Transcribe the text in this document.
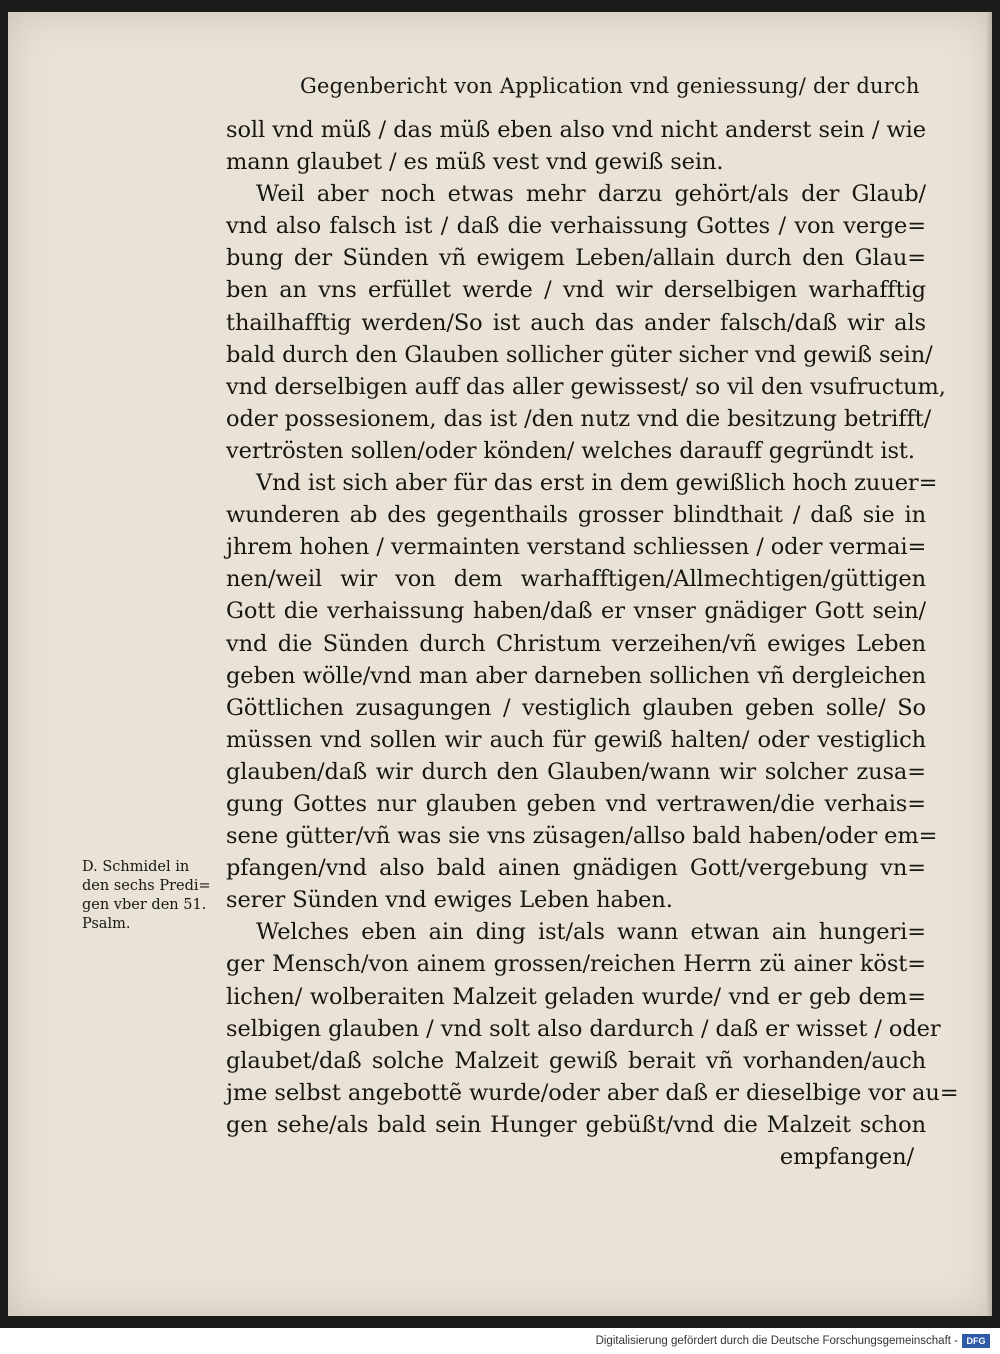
Gegenbericht von Application vnd geniessung/ der durch
soll vnd müß / das müß eben also vnd nicht anderst sein / wie
mann glaubet / es müß vest vnd gewiß sein.
Weil aber noch etwas mehr darzu gehört/als der Glaub/
vnd also falsch ist / daß die verhaissung Gottes / von verge=
bung der Sünden vñ ewigem Leben/allain durch den Glau=
ben an vns erfüllet werde / vnd wir derselbigen warhafftig
thailhafftig werden/So ist auch das ander falsch/daß wir als
bald durch den Glauben sollicher güter sicher vnd gewiß sein/
vnd derselbigen auff das aller gewissest/ so vil den vsufructum,
oder possesionem, das ist /den nutz vnd die besitzung betrifft/
vertrösten sollen/oder könden/ welches darauff gegründt ist.
Vnd ist sich aber für das erst in dem gewißlich hoch zuuer=
wunderen ab des gegenthails grosser blindthait / daß sie in
jhrem hohen / vermainten verstand schliessen / oder vermai=
nen/weil wir von dem warhafftigen/Allmechtigen/güttigen
Gott die verhaissung haben/daß er vnser gnädiger Gott sein/
vnd die Sünden durch Christum verzeihen/vñ ewiges Leben
geben wölle/vnd man aber darneben sollichen vñ dergleichen
Göttlichen zusagungen / vestiglich glauben geben solle/ So
müssen vnd sollen wir auch für gewiß halten/ oder vestiglich
glauben/daß wir durch den Glauben/wann wir solcher zusa=
gung Gottes nur glauben geben vnd vertrawen/die verhais=
sene gütter/vñ was sie vns züsagen/allso bald haben/oder em=
pfangen/vnd also bald ainen gnädigen Gott/vergebung vn=
serer Sünden vnd ewiges Leben haben.
Welches eben ain ding ist/als wann etwan ain hungeri=
ger Mensch/von ainem grossen/reichen Herrn zü ainer köst=
lichen/ wolberaiten Malzeit geladen wurde/ vnd er geb dem=
selbigen glauben / vnd solt also dardurch / daß er wisset / oder
glaubet/daß solche Malzeit gewiß berait vñ vorhanden/auch
jme selbst angebottẽ wurde/oder aber daß er dieselbige vor au=
gen sehe/als bald sein Hunger gebüßt/vnd die Malzeit schon
empfangen/
D. Schmidel in
den sechs Predi=
gen vber den 51.
Psalm.
Digitalisierung gefördert durch die Deutsche Forschungsgemeinschaft - DFG
